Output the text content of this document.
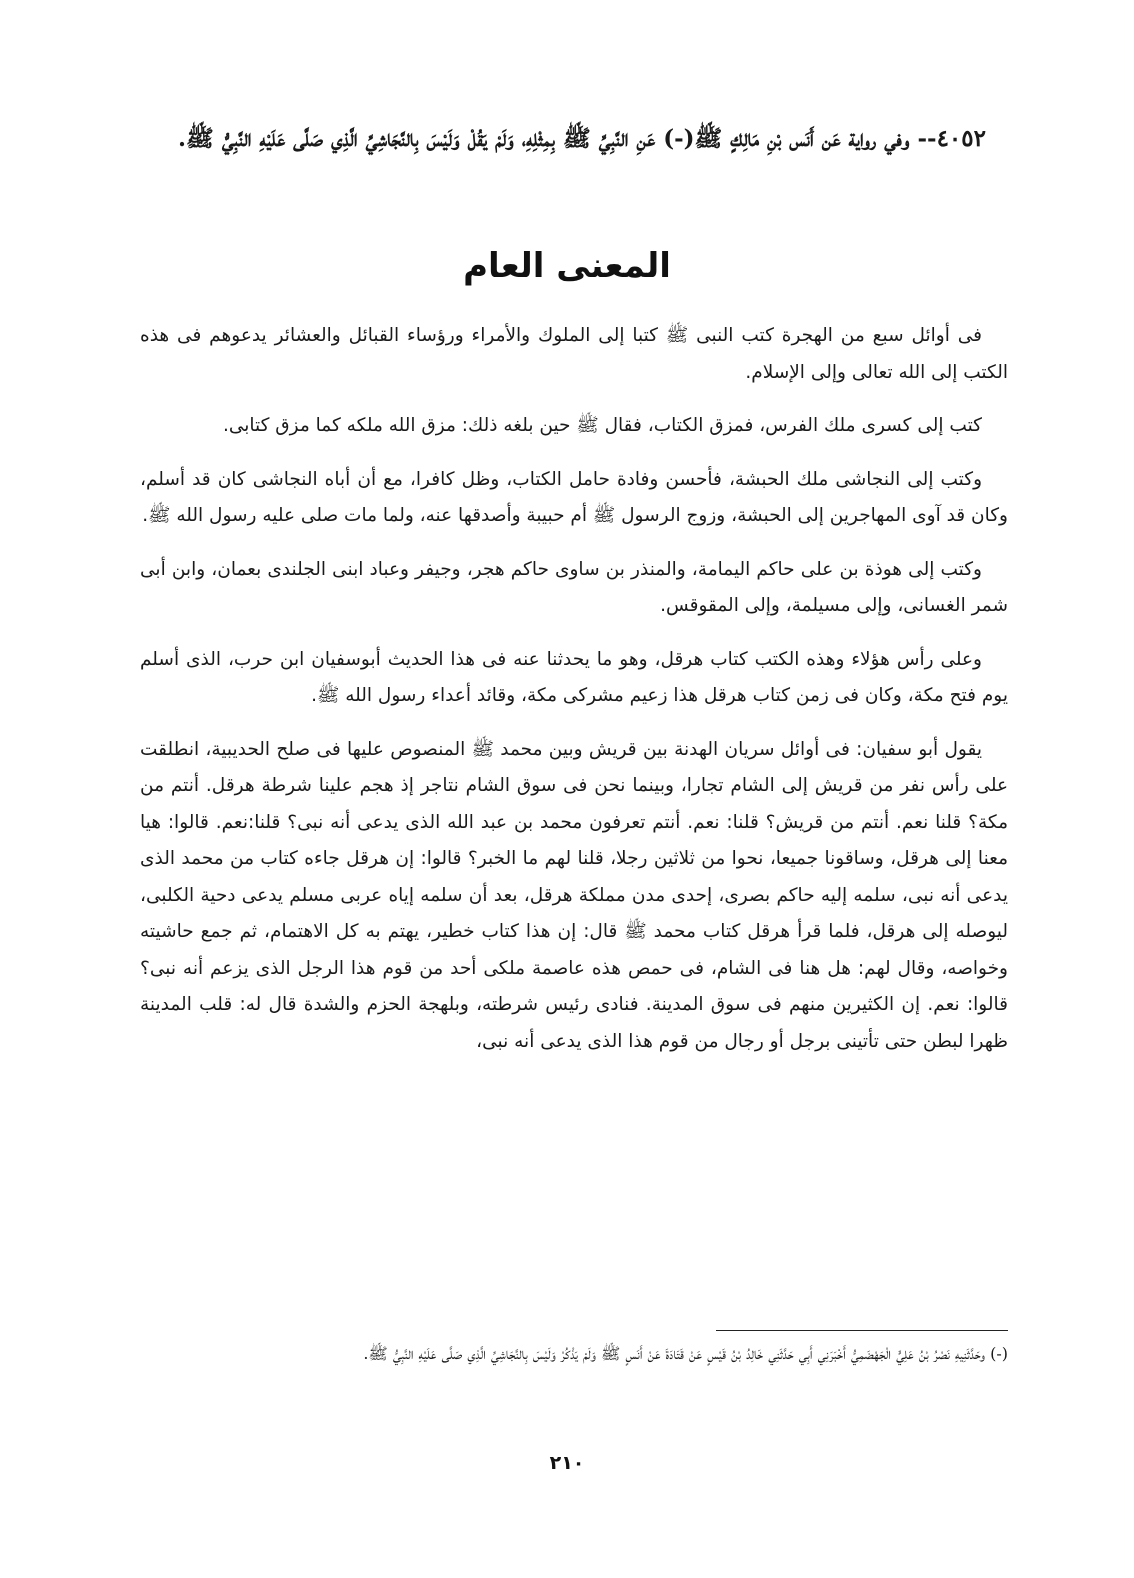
٤٠٥٢-- وفي رواية عَن أَنَس بْنِ مَالِكٍ ﷺ(-) عَنِ النَّبِيِّ ﷺ بِمِثْلِهِ، وَلَمْ يَقُلْ وَلَيْسَ بِالنَّجَاشِيِّ الَّذِي صَلَّى عَلَيْهِ النَّبِيُّ ﷺ.
المعنى العام

فى أوائل سبع من الهجرة كتب النبى ﷺ كتبا إلى الملوك والأمراء ورؤساء القبائل والعشائر يدعوهم فى هذه الكتب إلى الله تعالى وإلى الإسلام.

كتب إلى كسرى ملك الفرس، فمزق الكتاب، فقال ﷺ حين بلغه ذلك: مزق الله ملكه كما مزق كتابى.

وكتب إلى النجاشى ملك الحبشة، فأحسن وفادة حامل الكتاب، وظل كافرا، مع أن أباه النجاشى كان قد أسلم، وكان قد آوى المهاجرين إلى الحبشة، وزوج الرسول ﷺ أم حبيبة وأصدقها عنه، ولما مات صلى عليه رسول الله ﷺ.

وكتب إلى هوذة بن على حاكم اليمامة، والمنذر بن ساوى حاكم هجر، وجيفر وعباد ابنى الجلندى بعمان، وابن أبى شمر الغسانى، وإلى مسيلمة، وإلى المقوقس.

وعلى رأس هؤلاء وهذه الكتب كتاب هرقل، وهو ما يحدثنا عنه فى هذا الحديث أبوسفيان ابن حرب، الذى أسلم يوم فتح مكة، وكان فى زمن كتاب هرقل هذا زعيم مشركى مكة، وقائد أعداء رسول الله ﷺ.

يقول أبو سفيان: فى أوائل سريان الهدنة بين قريش وبين محمد ﷺ المنصوص عليها فى صلح الحديبية، انطلقت على رأس نفر من قريش إلى الشام تجارا، وبينما نحن فى سوق الشام نتاجر إذ هجم علينا شرطة هرقل. أنتم من مكة؟ قلنا نعم. أنتم من قريش؟ قلنا: نعم. أنتم تعرفون محمد بن عبد الله الذى يدعى أنه نبى؟ قلنا:نعم. قالوا: هيا معنا إلى هرقل، وساقونا جميعا، نحوا من ثلاثين رجلا، قلنا لهم ما الخبر؟ قالوا: إن هرقل جاءه كتاب من محمد الذى يدعى أنه نبى، سلمه إليه حاكم بصرى، إحدى مدن مملكة هرقل، بعد أن سلمه إياه عربى مسلم يدعى دحية الكلبى، ليوصله إلى هرقل، فلما قرأ هرقل كتاب محمد ﷺ قال: إن هذا كتاب خطير، يهتم به كل الاهتمام، ثم جمع حاشيته وخواصه، وقال لهم: هل هنا فى الشام، فى حمص هذه عاصمة ملكى أحد من قوم هذا الرجل الذى يزعم أنه نبى؟ قالوا: نعم. إن الكثيرين منهم فى سوق المدينة. فنادى رئيس شرطته، وبلهجة الحزم والشدة قال له: قلب المدينة ظهرا لبطن حتى تأتينى برجل أو رجال من قوم هذا الذى يدعى أنه نبى،

(-) وحَدَّثَنِيهِ نَصْرُ بْنُ عَلِيٍّ الْجَهْضَمِيُّ أَخْبَرَنِي أَبِي حَدَّثَنِي خَالِدُ بْنُ قَيْسٍ عَنْ قَتَادَةَ عَنْ أَنَسٍ ﷺ وَلَمْ يَذْكُرْ وَلَيْسَ بِالنَّجَاشِيِّ الَّذِي صَلَّى عَلَيْهِ النَّبِيُّ ﷺ.
٢١٠
